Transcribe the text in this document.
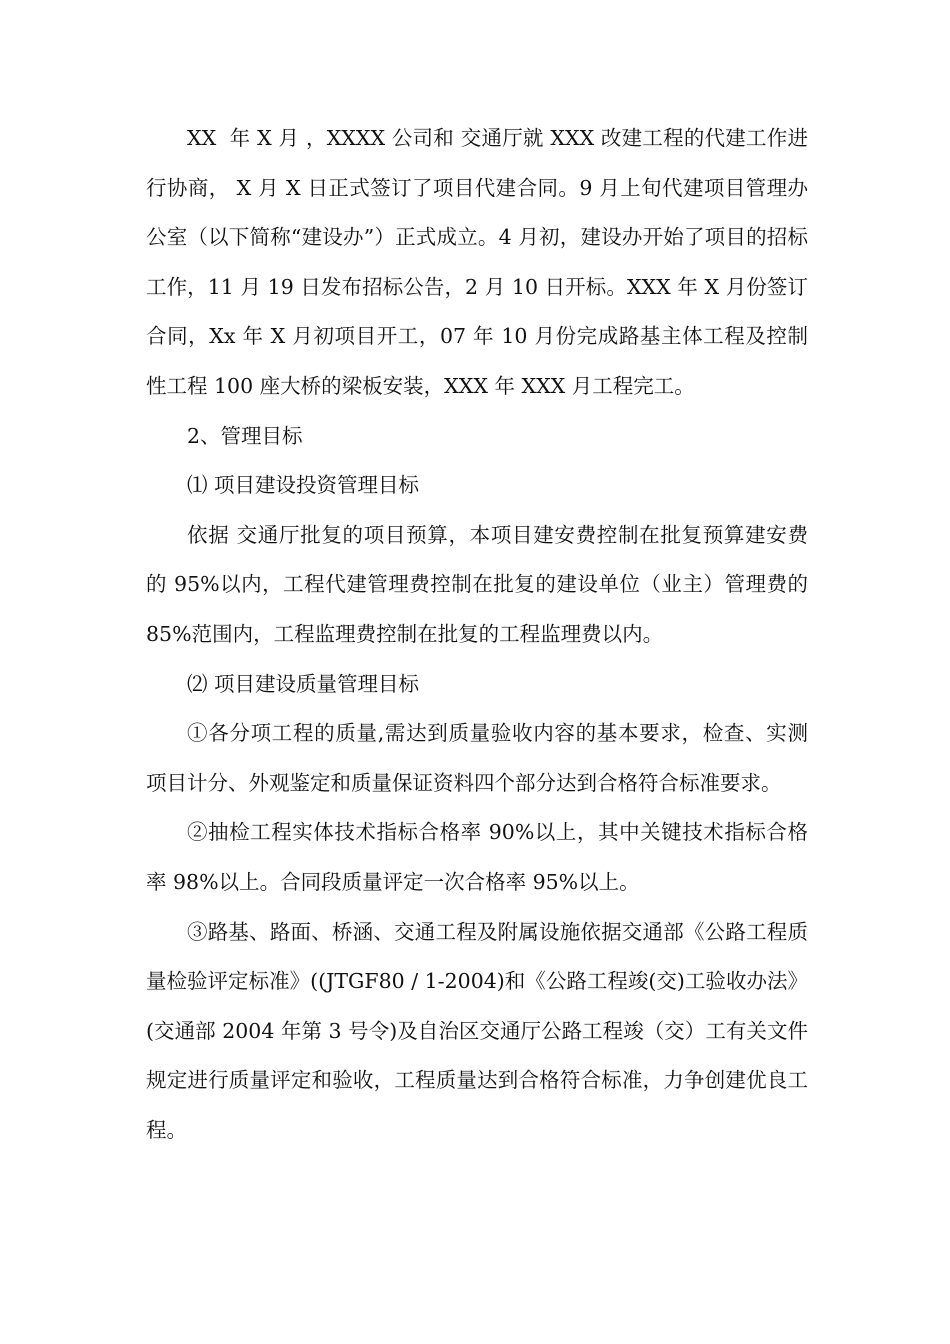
XX  年 X 月 ，XXXX 公司和 交通厅就 XXX 改建工程的代建工作进行协商， X 月 X 日正式签订了项目代建合同。9 月上旬代建项目管理办公室（以下简称“建设办”）正式成立。4 月初，建设办开始了项目的招标工作，11 月 19 日发布招标公告，2 月 10 日开标。XXX 年 X 月份签订合同，Xx 年 X 月初项目开工，07 年 10 月份完成路基主体工程及控制性工程 100 座大桥的梁板安装，XXX 年 XXX 月工程完工。

2、管理目标

⑴ 项目建设投资管理目标

依据 交通厅批复的项目预算，本项目建安费控制在批复预算建安费的 95%以内，工程代建管理费控制在批复的建设单位（业主）管理费的 85%范围内，工程监理费控制在批复的工程监理费以内。

⑵ 项目建设质量管理目标

①各分项工程的质量,需达到质量验收内容的基本要求，检查、实测项目计分、外观鉴定和质量保证资料四个部分达到合格符合标准要求。

②抽检工程实体技术指标合格率 90%以上，其中关键技术指标合格率 98%以上。合同段质量评定一次合格率 95%以上。

③路基、路面、桥涵、交通工程及附属设施依据交通部《公路工程质量检验评定标准》((JTGF80 / 1-2004)和《公路工程竣(交)工验收办法》(交通部 2004 年第 3 号令)及自治区交通厅公路工程竣（交）工有关文件规定进行质量评定和验收，工程质量达到合格符合标准，力争创建优良工程。
